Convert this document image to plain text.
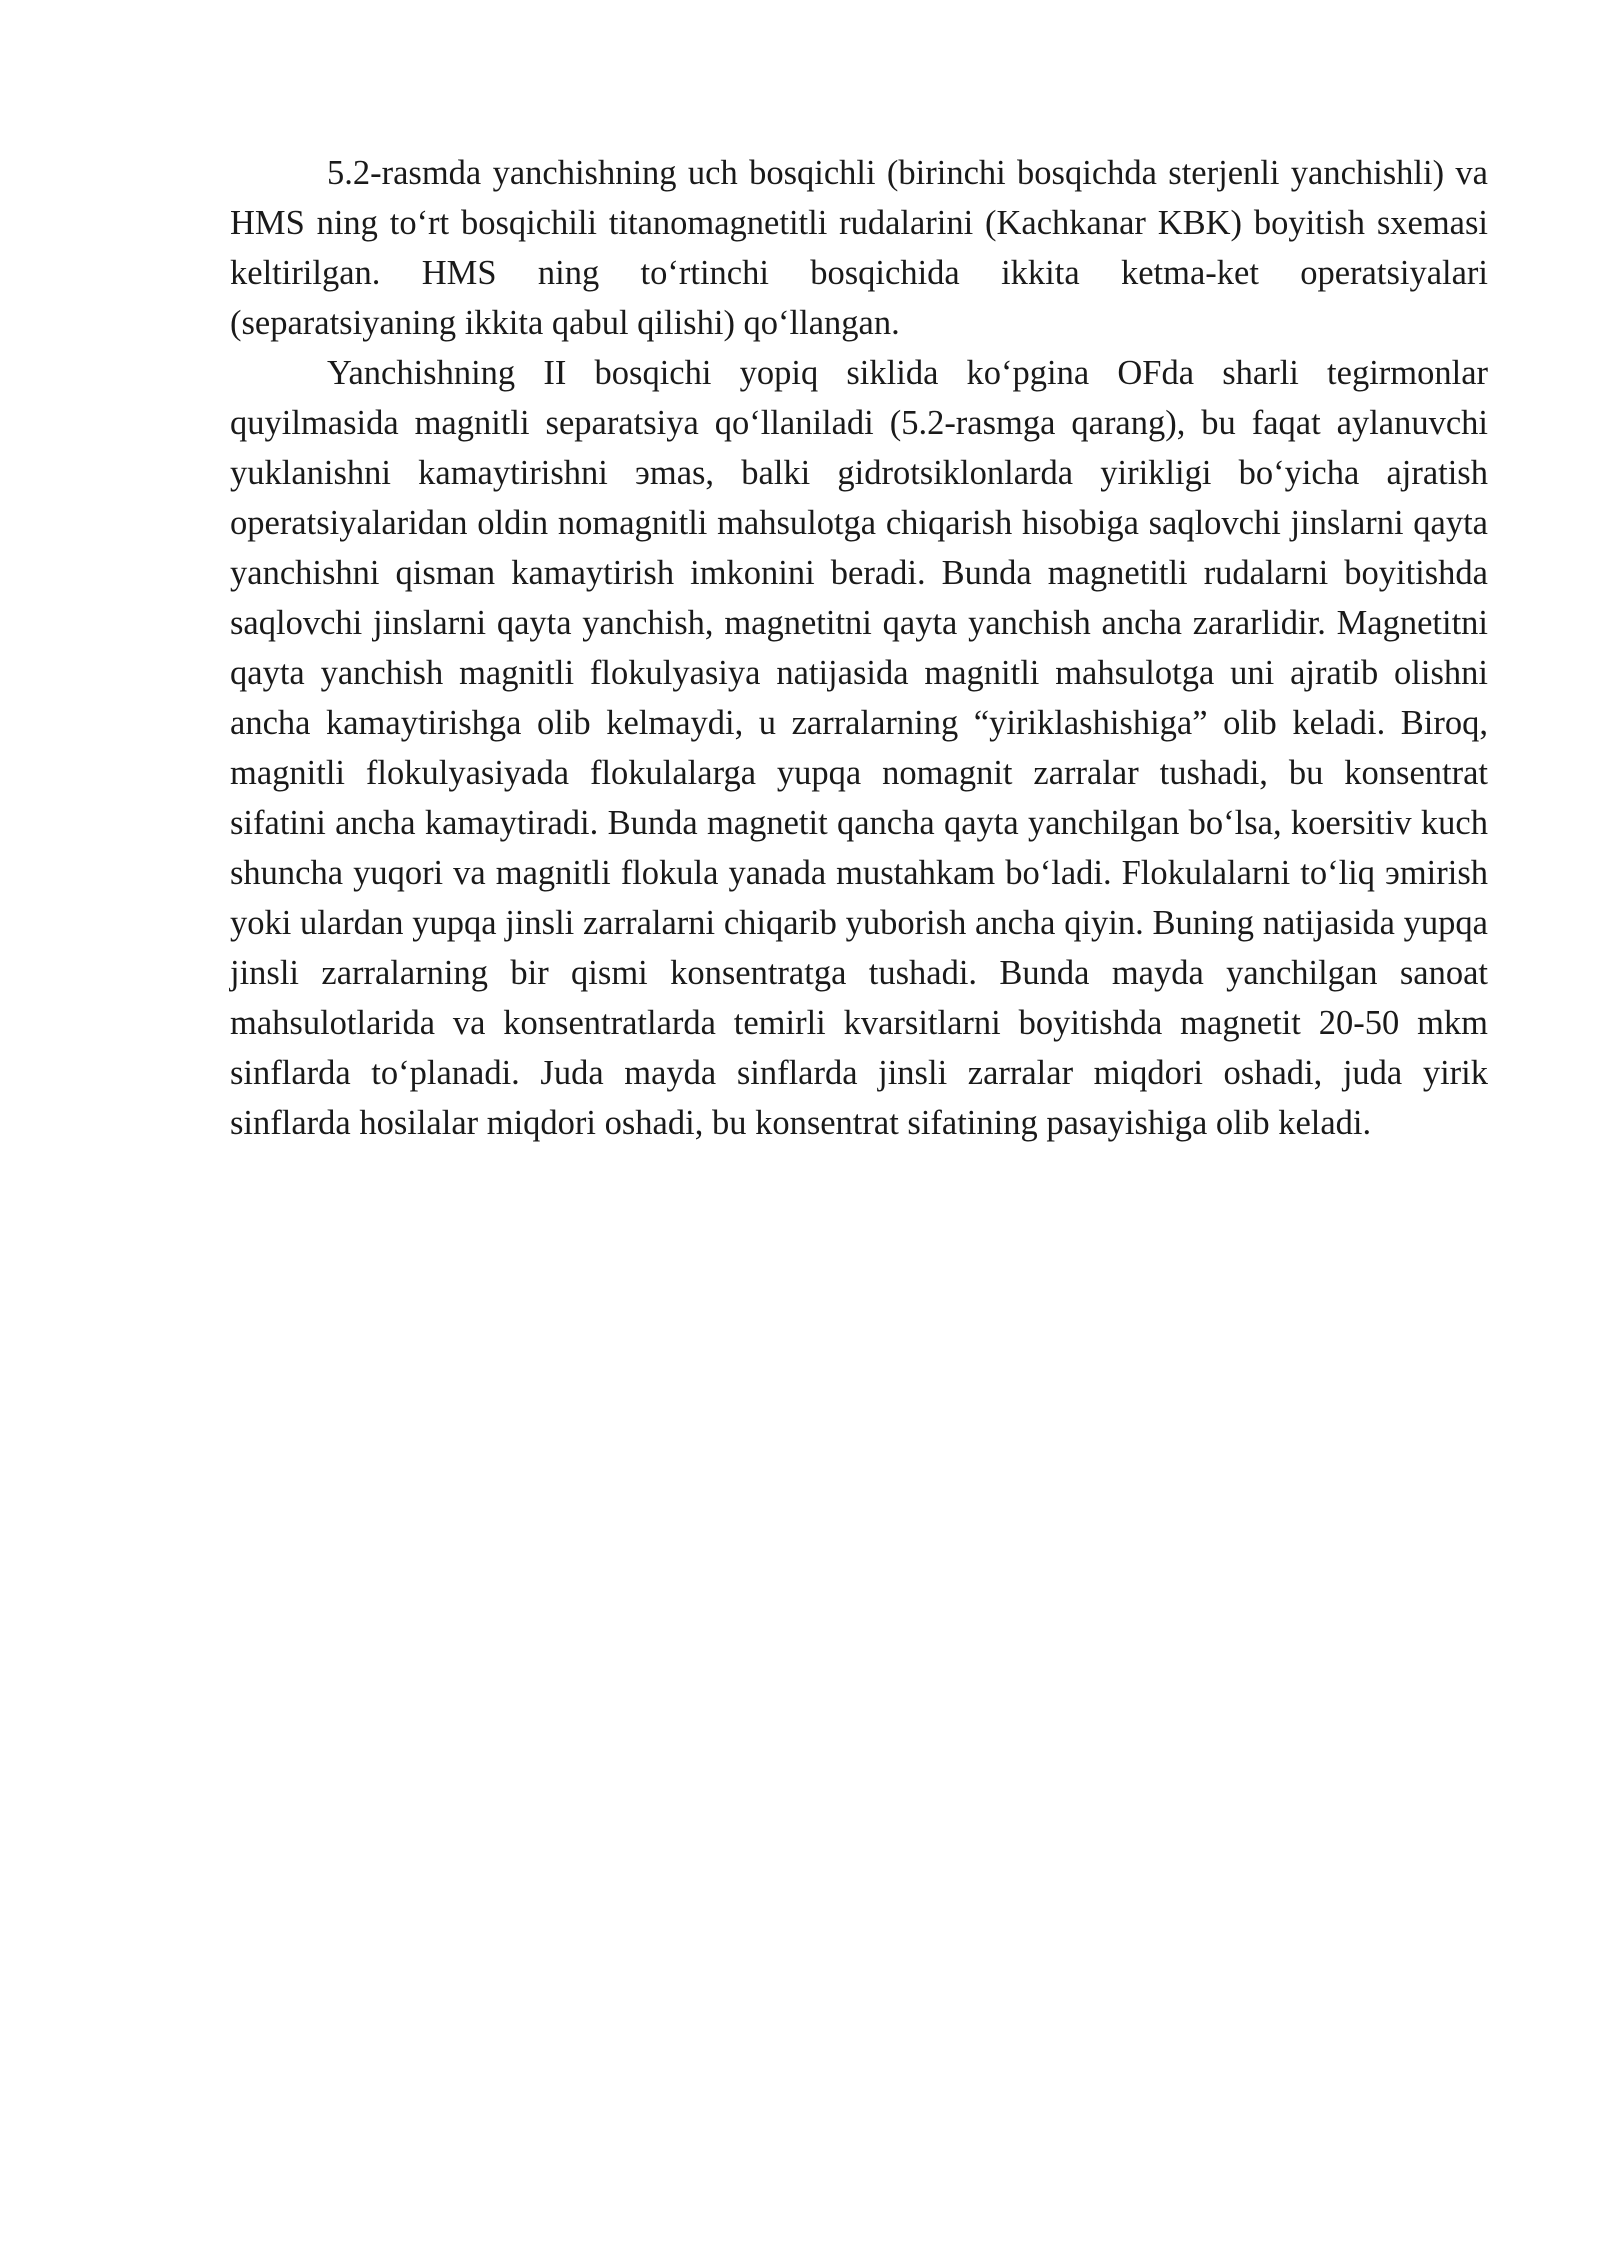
5.2-rasmda yanchishning uch bosqichli (birinchi bosqichda sterjenli yanchishli) va HMS ning to‘rt bosqichili titanomagnetitli rudalarini (Kachkanar KBK) boyitish sxemasi keltirilgan. HMS ning to‘rtinchi bosqichida ikkita ketma-ket operatsiyalari (separatsiyaning ikkita qabul qilishi) qo‘llangan.

Yanchishning II bosqichi yopiq siklida ko‘pgina OFda sharli tegirmonlar quyilmasida magnitli separatsiya qo‘llaniladi (5.2-rasmga qarang), bu faqat aylanuvchi yuklanishni kamaytirishni эmas, balki gidrotsiklonlarda yirikligi bo‘yicha ajratish operatsiyalaridan oldin nomagnitli mahsulotga chiqarish hisobiga saqlovchi jinslarni qayta yanchishni qisman kamaytirish imkonini beradi. Bunda magnetitli rudalarni boyitishda saqlovchi jinslarni qayta yanchish, magnetitni qayta yanchish ancha zararlidir. Magnetitni qayta yanchish magnitli flokulyasiya natijasida magnitli mahsulotga uni ajratib olishni ancha kamaytirishga olib kelmaydi, u zarralarning “yiriklashishiga” olib keladi. Biroq, magnitli flokulyasiyada flokulalarga yupqa nomagnit zarralar tushadi, bu konsentrat sifatini ancha kamaytiradi. Bunda magnetit qancha qayta yanchilgan bo‘lsa, koersitiv kuch shuncha yuqori va magnitli flokula yanada mustahkam bo‘ladi. Flokulalarni to‘liq эmirish yoki ulardan yupqa jinsli zarralarni chiqarib yuborish ancha qiyin. Buning natijasida yupqa jinsli zarralarning bir qismi konsentratga tushadi. Bunda mayda yanchilgan sanoat mahsulotlarida va konsentratlarda temirli kvarsitlarni boyitishda magnetit 20-50 mkm sinflarda to‘planadi. Juda mayda sinflarda jinsli zarralar miqdori oshadi, juda yirik sinflarda hosilalar miqdori oshadi, bu konsentrat sifatining pasayishiga olib keladi.
